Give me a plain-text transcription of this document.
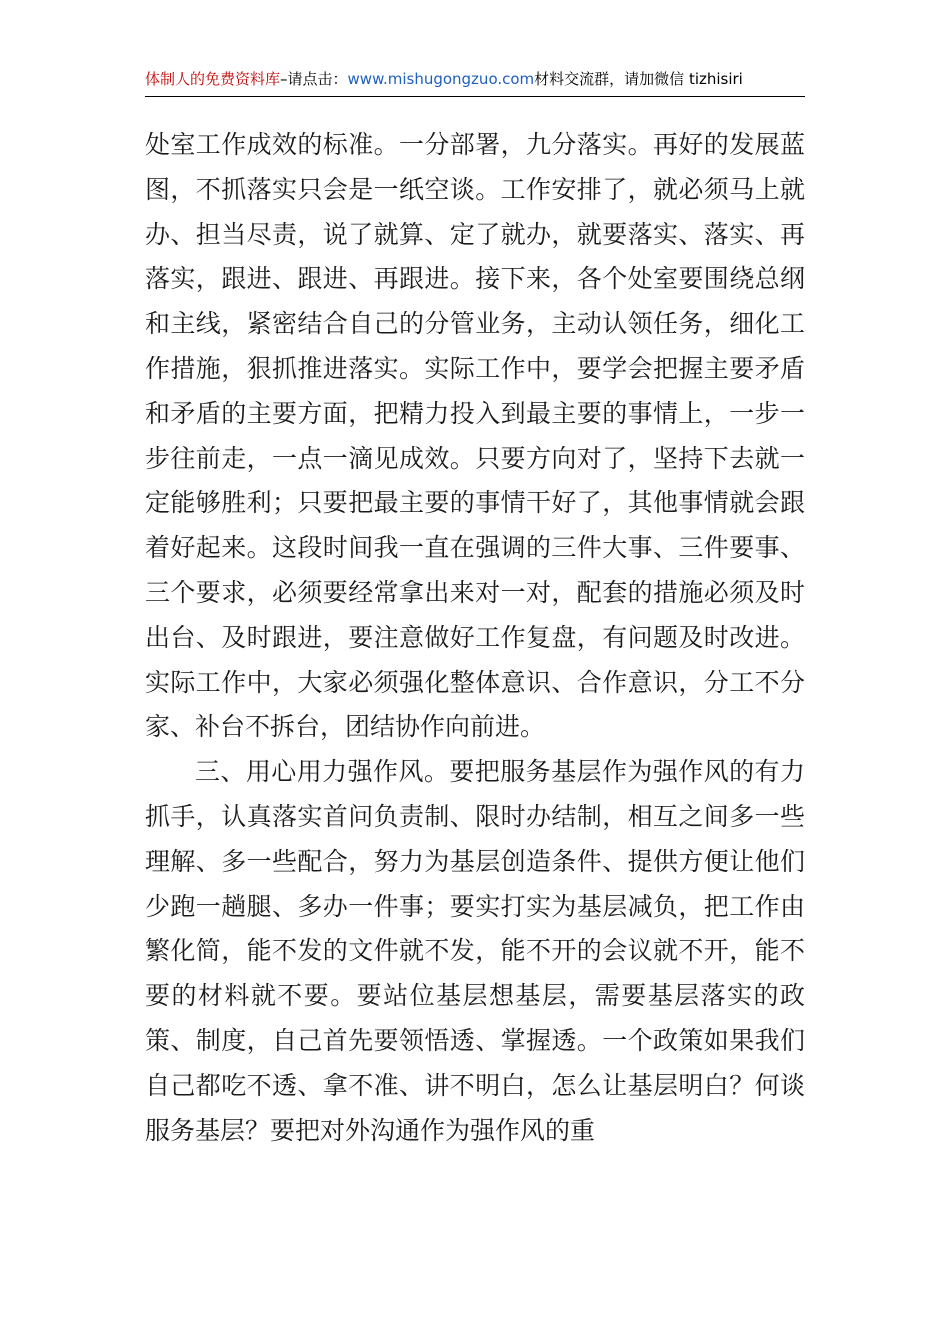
体制人的免费资料库–请点击：www.mishugongzuo.com材料交流群，请加微信 tizhisiri

处室工作成效的标准。一分部署，九分落实。再好的发展蓝图，不抓落实只会是一纸空谈。工作安排了，就必须马上就办、担当尽责，说了就算、定了就办，就要落实、落实、再落实，跟进、跟进、再跟进。接下来，各个处室要围绕总纲和主线，紧密结合自己的分管业务，主动认领任务，细化工作措施，狠抓推进落实。实际工作中，要学会把握主要矛盾和矛盾的主要方面，把精力投入到最主要的事情上，一步一步往前走，一点一滴见成效。只要方向对了，坚持下去就一定能够胜利；只要把最主要的事情干好了，其他事情就会跟着好起来。这段时间我一直在强调的三件大事、三件要事、三个要求，必须要经常拿出来对一对，配套的措施必须及时出台、及时跟进，要注意做好工作复盘，有问题及时改进。实际工作中，大家必须强化整体意识、合作意识，分工不分家、补台不拆台，团结协作向前进。

三、用心用力强作风。要把服务基层作为强作风的有力抓手，认真落实首问负责制、限时办结制，相互之间多一些理解、多一些配合，努力为基层创造条件、提供方便让他们少跑一趟腿、多办一件事；要实打实为基层减负，把工作由繁化简，能不发的文件就不发，能不开的会议就不开，能不要的材料就不要。要站位基层想基层，需要基层落实的政策、制度，自己首先要领悟透、掌握透。一个政策如果我们自己都吃不透、拿不准、讲不明白，怎么让基层明白？何谈服务基层？要把对外沟通作为强作风的重
